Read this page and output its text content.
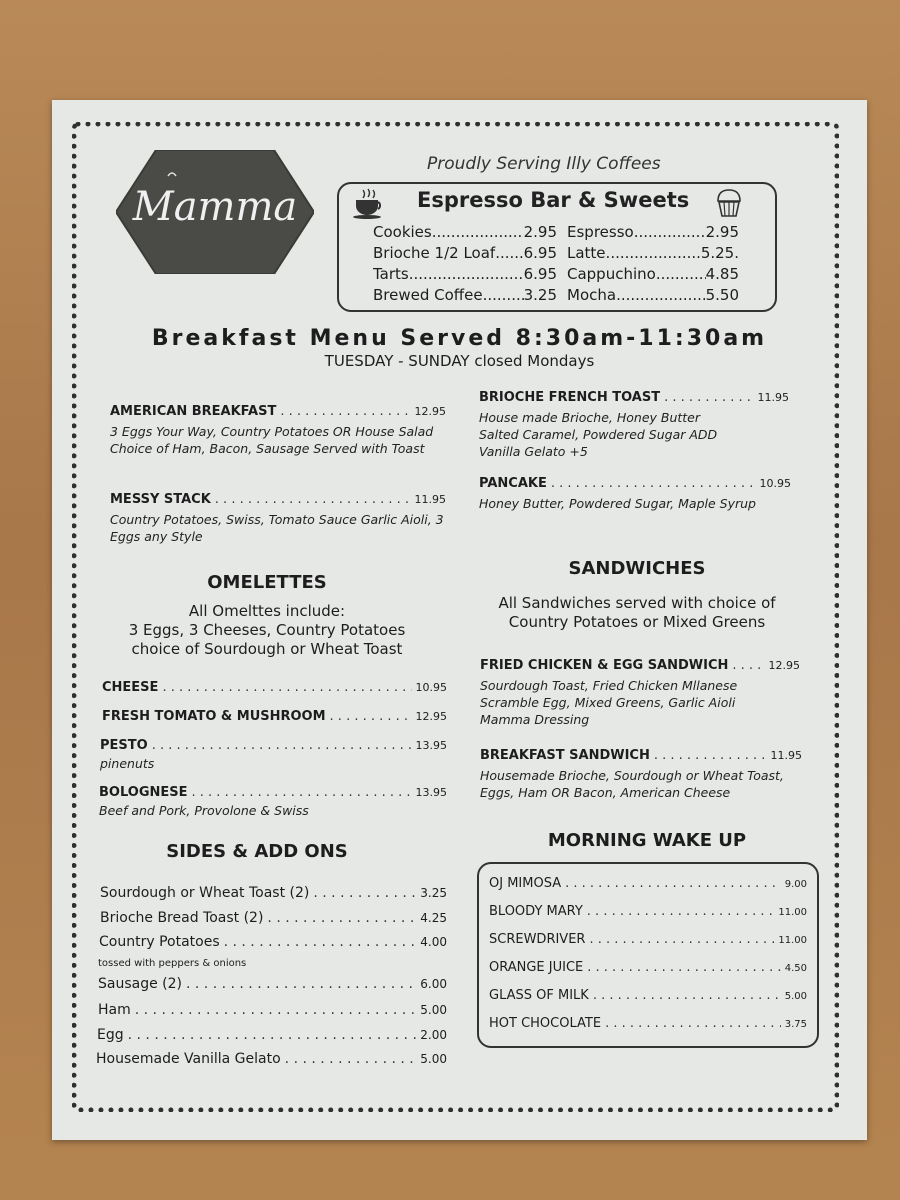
Mamma
Proudly Serving Illy Coffees
Espresso Bar & Sweets
Cookies .....	2.95
Brioche 1/2 Loaf ..... 6.95
Tarts .....	6.95
Brewed Coffee .....	3.25
Espresso .....	2.95
Latte .....	5.25.
Cappuchino .....	4.85
Mocha .....	5.50
Breakfast Menu Served 8:30am-11:30am
TUESDAY - SUNDAY closed Mondays
AMERICAN BREAKFAST . . .	12.95
3 Eggs Your Way, Country Potatoes OR House Salad Choice of Ham, Bacon, Sausage Served with Toast
MESSY STACK . . .	11.95
Country Potatoes, Swiss, Tomato Sauce Garlic Aioli, 3 Eggs any Style
BRIOCHE FRENCH TOAST . . .	11.95
House made Brioche, Honey Butter Salted Caramel, Powdered Sugar ADD Vanilla Gelato +5
PANCAKE . . .	10.95
Honey Butter, Powdered Sugar, Maple Syrup
OMELETTES
All Omelttes include:
3 Eggs, 3 Cheeses, Country Potatoes
choice of Sourdough or Wheat Toast
CHEESE . . .	10.95
FRESH TOMATO & MUSHROOM . . .	12.95
PESTO . . .	13.95
pinenuts
BOLOGNESE . . .	13.95
Beef and Pork, Provolone & Swiss
SIDES & ADD ONS
Sourdough or Wheat Toast (2) . . .	3.25
Brioche Bread Toast (2) . . .	4.25
Country Potatoes . . .	4.00
tossed with peppers & onions
Sausage (2) . . .	6.00
Ham . . .	5.00
Egg . . .	2.00
Housemade Vanilla Gelato . . .	5.00
SANDWICHES
All Sandwiches served with choice of
Country Potatoes or Mixed Greens
FRIED CHICKEN & EGG SANDWICH . . .	12.95
Sourdough Toast, Fried Chicken Mllanese Scramble Egg, Mixed Greens, Garlic Aioli Mamma Dressing
BREAKFAST SANDWICH . . .	11.95
Housemade Brioche, Sourdough or Wheat Toast, Eggs, Ham OR Bacon, American Cheese
MORNING WAKE UP
OJ MIMOSA . . .	9.00
BLOODY MARY . . .	11.00
SCREWDRIVER . . .	11.00
ORANGE JUICE . . .	4.50
GLASS OF MILK . . .	5.00
HOT CHOCOLATE . . .	3.75
